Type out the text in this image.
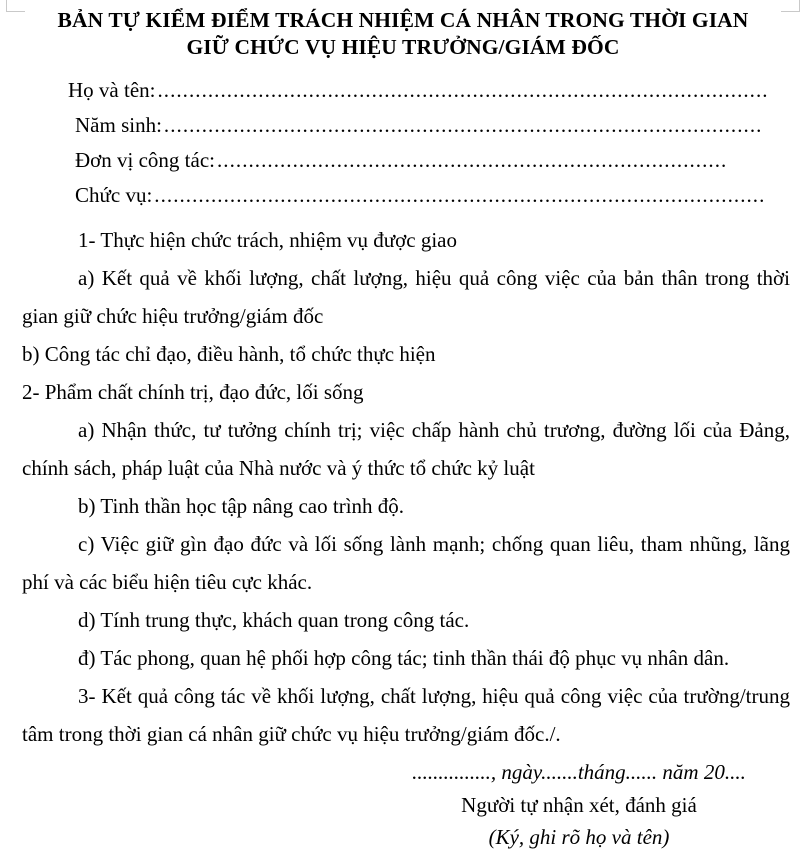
BẢN TỰ KIỂM ĐIỂM TRÁCH NHIỆM CÁ NHÂN TRONG THỜI GIAN
GIỮ CHỨC VỤ HIỆU TRƯỞNG/GIÁM ĐỐC
Họ và tên: .................................................................................................
Năm sinh: ...............................................................................................
Đơn vị công tác: .................................................................................
Chức vụ: .................................................................................................

1- Thực hiện chức trách, nhiệm vụ được giao

a) Kết quả về khối lượng, chất lượng, hiệu quả công việc của bản thân trong thời gian giữ chức hiệu trưởng/giám đốc

b) Công tác chỉ đạo, điều hành, tổ chức thực hiện

2- Phẩm chất chính trị, đạo đức, lối sống

a) Nhận thức, tư tưởng chính trị; việc chấp hành chủ trương, đường lối của Đảng, chính sách, pháp luật của Nhà nước và ý thức tổ chức kỷ luật

b) Tinh thần học tập nâng cao trình độ.

c) Việc giữ gìn đạo đức và lối sống lành mạnh; chống quan liêu, tham nhũng, lãng phí và các biểu hiện tiêu cực khác.

d) Tính trung thực, khách quan trong công tác.

đ) Tác phong, quan hệ phối hợp công tác; tinh thần thái độ phục vụ nhân dân.

3- Kết quả công tác về khối lượng, chất lượng, hiệu quả công việc của trường/trung tâm trong thời gian cá nhân giữ chức vụ hiệu trưởng/giám đốc./.

..............., ngày.......tháng...... năm 20....
Người tự nhận xét, đánh giá
(Ký, ghi rõ họ và tên)
